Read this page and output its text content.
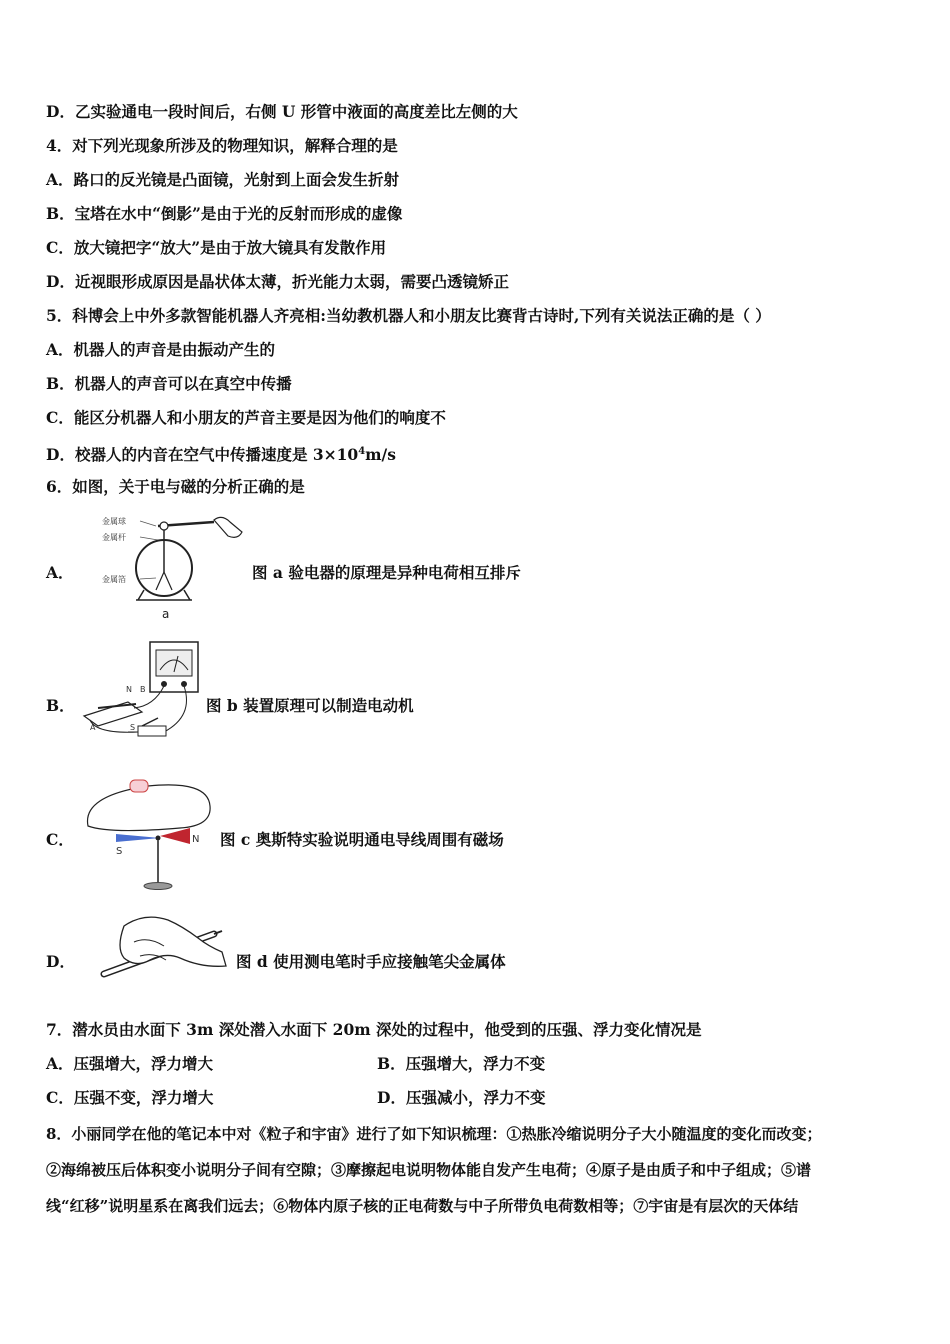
D．乙实验通电一段时间后，右侧 U 形管中液面的高度差比左侧的大
4．对下列光现象所涉及的物理知识，解释合理的是
A．路口的反光镜是凸面镜，光射到上面会发生折射
B．宝塔在水中“倒影”是由于光的反射而形成的虚像
C．放大镜把字“放大”是由于放大镜具有发散作用
D．近视眼形成原因是晶状体太薄，折光能力太弱，需要凸透镜矫正
5．科博会上中外多款智能机器人齐亮相:当幼教机器人和小朋友比赛背古诗时,下列有关说法正确的是（ ）
A．机器人的声音是由振动产生的
B．机器人的声音可以在真空中传播
C．能区分机器人和小朋友的芦音主要是因为他们的响度不
D．校器人的内音在空气中传播速度是 $3\times 10^4m/s$
6．如图，关于电与磁的分析正确的是
A．
金属球
金属杆
金属箔
a
图 a 验电器的原理是异种电荷相互排斥
B．
N B
S
A
图 b 装置原理可以制造电动机
C．
S
N 图 c 奥斯特实验说明通电导线周围有磁场
D．	图 d 使用测电笔时手应接触笔尖金属体
7．潜水员由水面下 3m 深处潜入水面下 20m 深处的过程中，他受到的压强、浮力变化情况是
A．压强增大，浮力增大	B．压强增大，浮力不变
C．压强不变，浮力增大	D．压强减小，浮力不变
8．小丽同学在他的笔记本中对《粒子和宇宙》进行了如下知识梳理：①热胀冷缩说明分子大小随温度的变化而改变；
②海绵被压后体积变小说明分子间有空隙；③摩擦起电说明物体能自发产生电荷；④原子是由质子和中子组成；⑤谱
线“红移”说明星系在离我们远去；⑥物体内原子核的正电荷数与中子所带负电荷数相等；⑦宇宙是有层次的天体结
